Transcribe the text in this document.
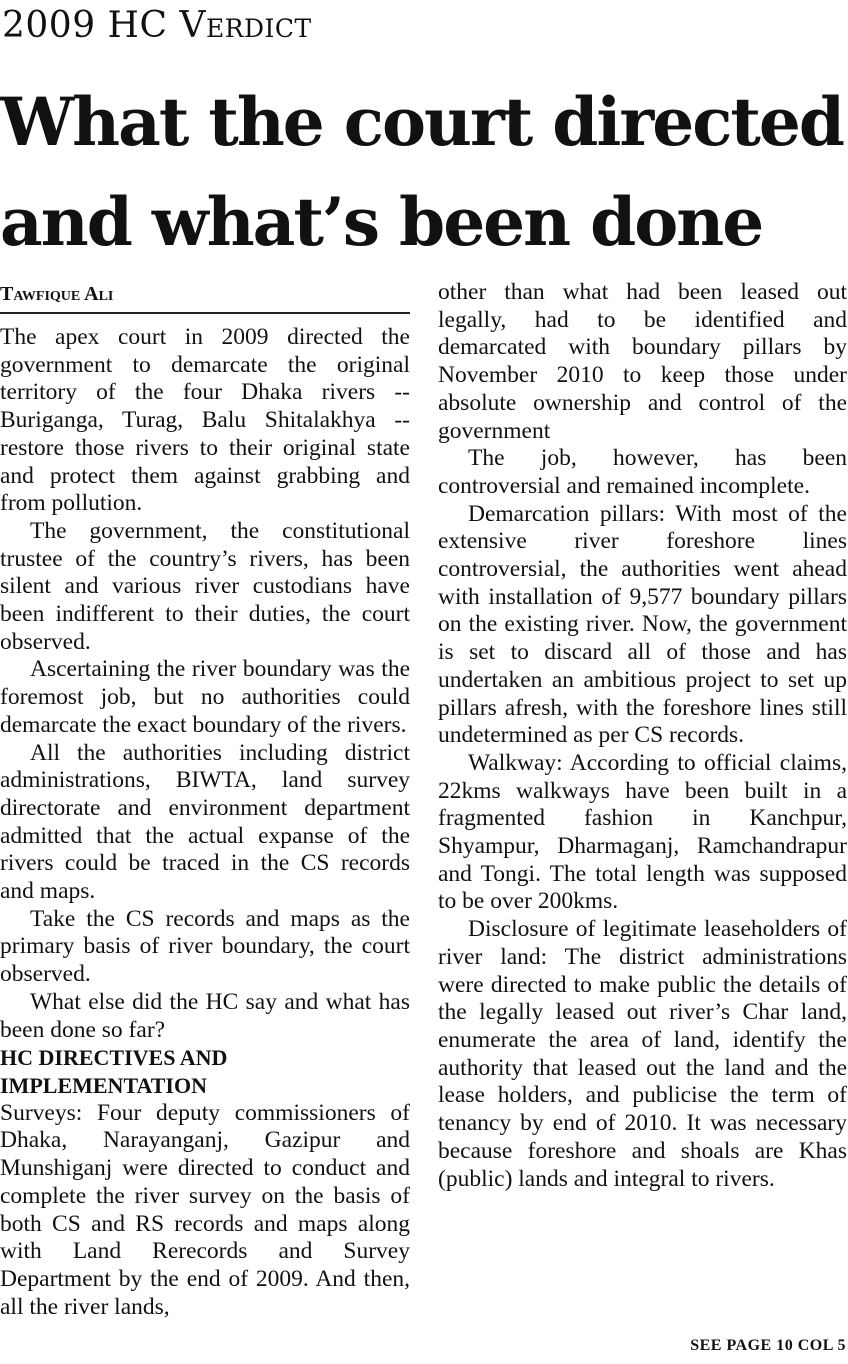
2009 HC Verdict
What the court directed
and what’s been done
Tawfique Ali

The apex court in 2009 directed the government to demarcate the original territory of the four Dhaka rivers -- Buriganga, Turag, Balu Shitalakhya -- restore those rivers to their original state and protect them against grabbing and from pollution.

The government, the constitutional trustee of the country’s rivers, has been silent and various river custodians have been indifferent to their duties, the court observed.

Ascertaining the river boundary was the foremost job, but no authorities could demarcate the exact boundary of the rivers.

All the authorities including district administrations, BIWTA, land survey directorate and environment department admitted that the actual expanse of the rivers could be traced in the CS records and maps.

Take the CS records and maps as the primary basis of river boundary, the court observed.

What else did the HC say and what has been done so far?

HC DIRECTIVES AND IMPLEMENTATION

Surveys: Four deputy commissioners of Dhaka, Narayanganj, Gazipur and Munshiganj were directed to conduct and complete the river survey on the basis of both CS and RS records and maps along with Land Rerecords and Survey Department by the end of 2009. And then, all the river lands,

other than what had been leased out legally, had to be identified and demarcated with boundary pillars by November 2010 to keep those under absolute ownership and control of the government

The job, however, has been controversial and remained incomplete.

Demarcation pillars: With most of the extensive river foreshore lines controversial, the authorities went ahead with installation of 9,577 boundary pillars on the existing river. Now, the government is set to discard all of those and has undertaken an ambitious project to set up pillars afresh, with the foreshore lines still undetermined as per CS records.

Walkway: According to official claims, 22kms walkways have been built in a fragmented fashion in Kanchpur, Shyampur, Dharmaganj, Ramchandrapur and Tongi. The total length was supposed to be over 200kms.

Disclosure of legitimate leaseholders of river land: The district administrations were directed to make public the details of the legally leased out river’s Char land, enumerate the area of land, identify the authority that leased out the land and the lease holders, and publicise the term of tenancy by end of 2010. It was necessary because foreshore and shoals are Khas (public) lands and integral to rivers.

SEE PAGE 10 COL 5
